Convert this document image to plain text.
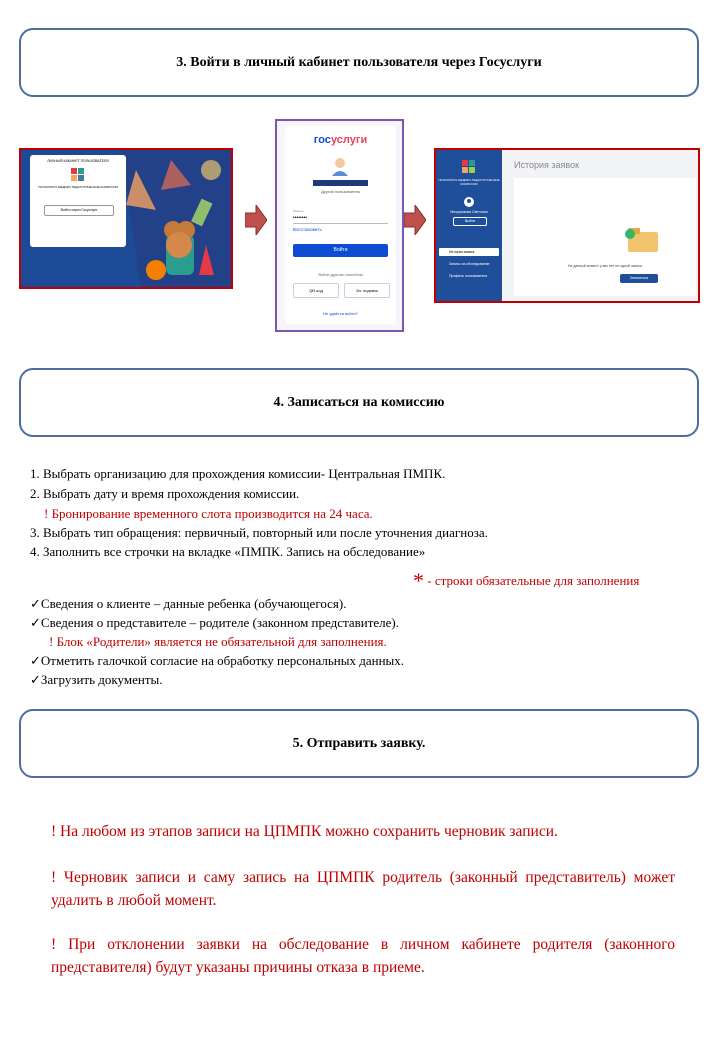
3. Войти в личный кабинет пользователя через Госуслуги
ЛИЧНЫЙ КАБИНЕТ ПОЛЬЗОВАТЕЛЯ
ПСИХОЛОГО-МЕДИКО-ПЕДАГОГИЧЕСКИЕ КОМИССИИ
Войти через Госуслуги
госуслуги
Другой пользователь
Пароль
••••••••
Восстановить
Войти
Войти другим способом
QR-код	Эл. подпись
Не удаётся войти?
ПСИХОЛОГО-МЕДИКО-ПЕДАГОГИЧЕСКИЕ КОМИССИИ
Мещерякова Светлана
Выйти
История заявок
Запись на обследование
Профиль пользователя
История заявок
На данный момент у вас нет ни одной записи
Записаться
4. Записаться на комиссию
1. Выбрать организацию для прохождения комиссии- Центральная ПМПК.
2. Выбрать дату и время прохождения комиссии.
! Бронирование временного слота производится на 24 часа.
3. Выбрать тип обращения: первичный, повторный или после уточнения диагноза.
4. Заполнить все строчки на вкладке «ПМПК. Запись на обследование»
* - строки обязательные для заполнения
✓Сведения о клиенте – данные ребенка (обучающегося).
✓Сведения о представителе – родителе (законном представителе).
! Блок «Родители» является не обязательной для заполнения.
✓Отметить галочкой согласие на обработку персональных данных.
✓Загрузить документы.
5. Отправить заявку.
! На любом из этапов записи на ЦПМПК можно сохранить черновик записи.
! Черновик записи и саму запись на ЦПМПК родитель (законный представитель) может удалить в любой момент.
! При отклонении заявки на обследование в личном кабинете родителя (законного представителя) будут указаны причины отказа в приеме.
